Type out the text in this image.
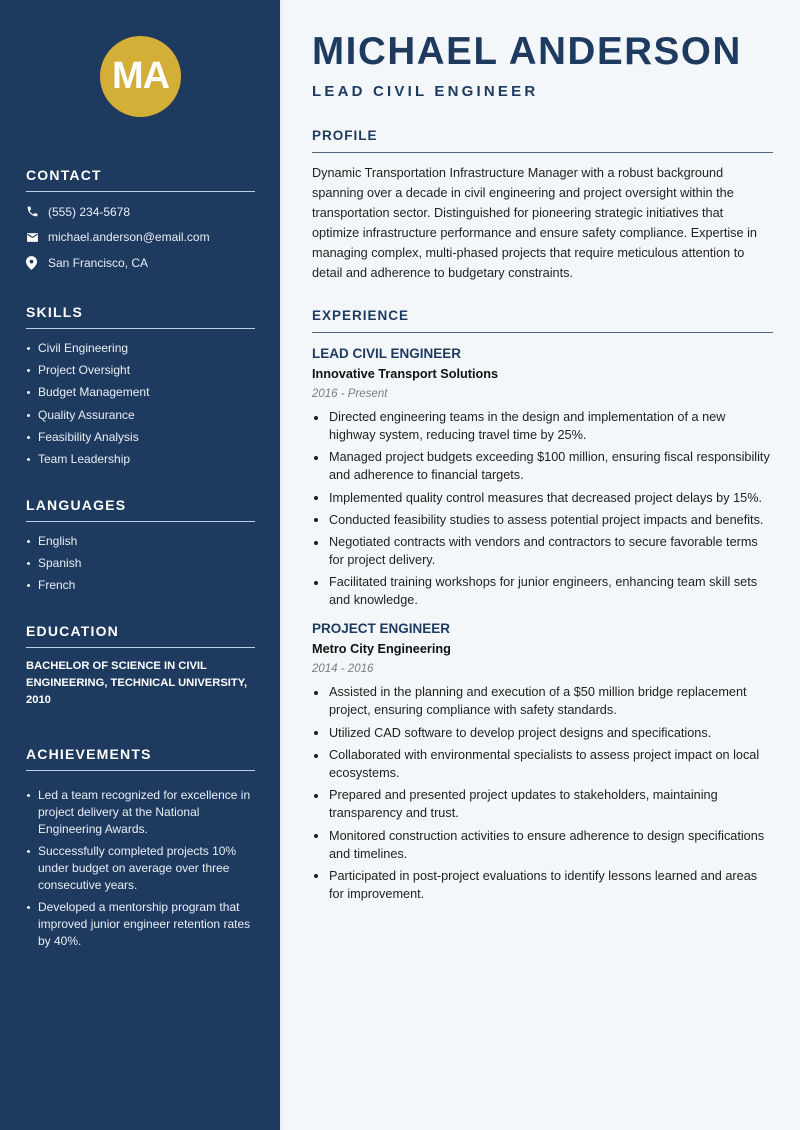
MA
CONTACT
(555) 234-5678
michael.anderson@email.com
San Francisco, CA
SKILLS
Civil Engineering
Project Oversight
Budget Management
Quality Assurance
Feasibility Analysis
Team Leadership
LANGUAGES
English
Spanish
French
EDUCATION

BACHELOR OF SCIENCE IN CIVIL ENGINEERING, TECHNICAL UNIVERSITY, 2010

ACHIEVEMENTS
Led a team recognized for excellence in project delivery at the National Engineering Awards.
Successfully completed projects 10% under budget on average over three consecutive years.
Developed a mentorship program that improved junior engineer retention rates by 40%.
MICHAEL ANDERSON
LEAD CIVIL ENGINEER
PROFILE

Dynamic Transportation Infrastructure Manager with a robust background spanning over a decade in civil engineering and project oversight within the transportation sector. Distinguished for pioneering strategic initiatives that optimize infrastructure performance and ensure safety compliance. Expertise in managing complex, multi-phased projects that require meticulous attention to detail and adherence to budgetary constraints.

EXPERIENCE
LEAD CIVIL ENGINEER
Innovative Transport Solutions
2016 - Present
Directed engineering teams in the design and implementation of a new highway system, reducing travel time by 25%.
Managed project budgets exceeding $100 million, ensuring fiscal responsibility and adherence to financial targets.
Implemented quality control measures that decreased project delays by 15%.
Conducted feasibility studies to assess potential project impacts and benefits.
Negotiated contracts with vendors and contractors to secure favorable terms for project delivery.
Facilitated training workshops for junior engineers, enhancing team skill sets and knowledge.
PROJECT ENGINEER
Metro City Engineering
2014 - 2016
Assisted in the planning and execution of a $50 million bridge replacement project, ensuring compliance with safety standards.
Utilized CAD software to develop project designs and specifications.
Collaborated with environmental specialists to assess project impact on local ecosystems.
Prepared and presented project updates to stakeholders, maintaining transparency and trust.
Monitored construction activities to ensure adherence to design specifications and timelines.
Participated in post-project evaluations to identify lessons learned and areas for improvement.
